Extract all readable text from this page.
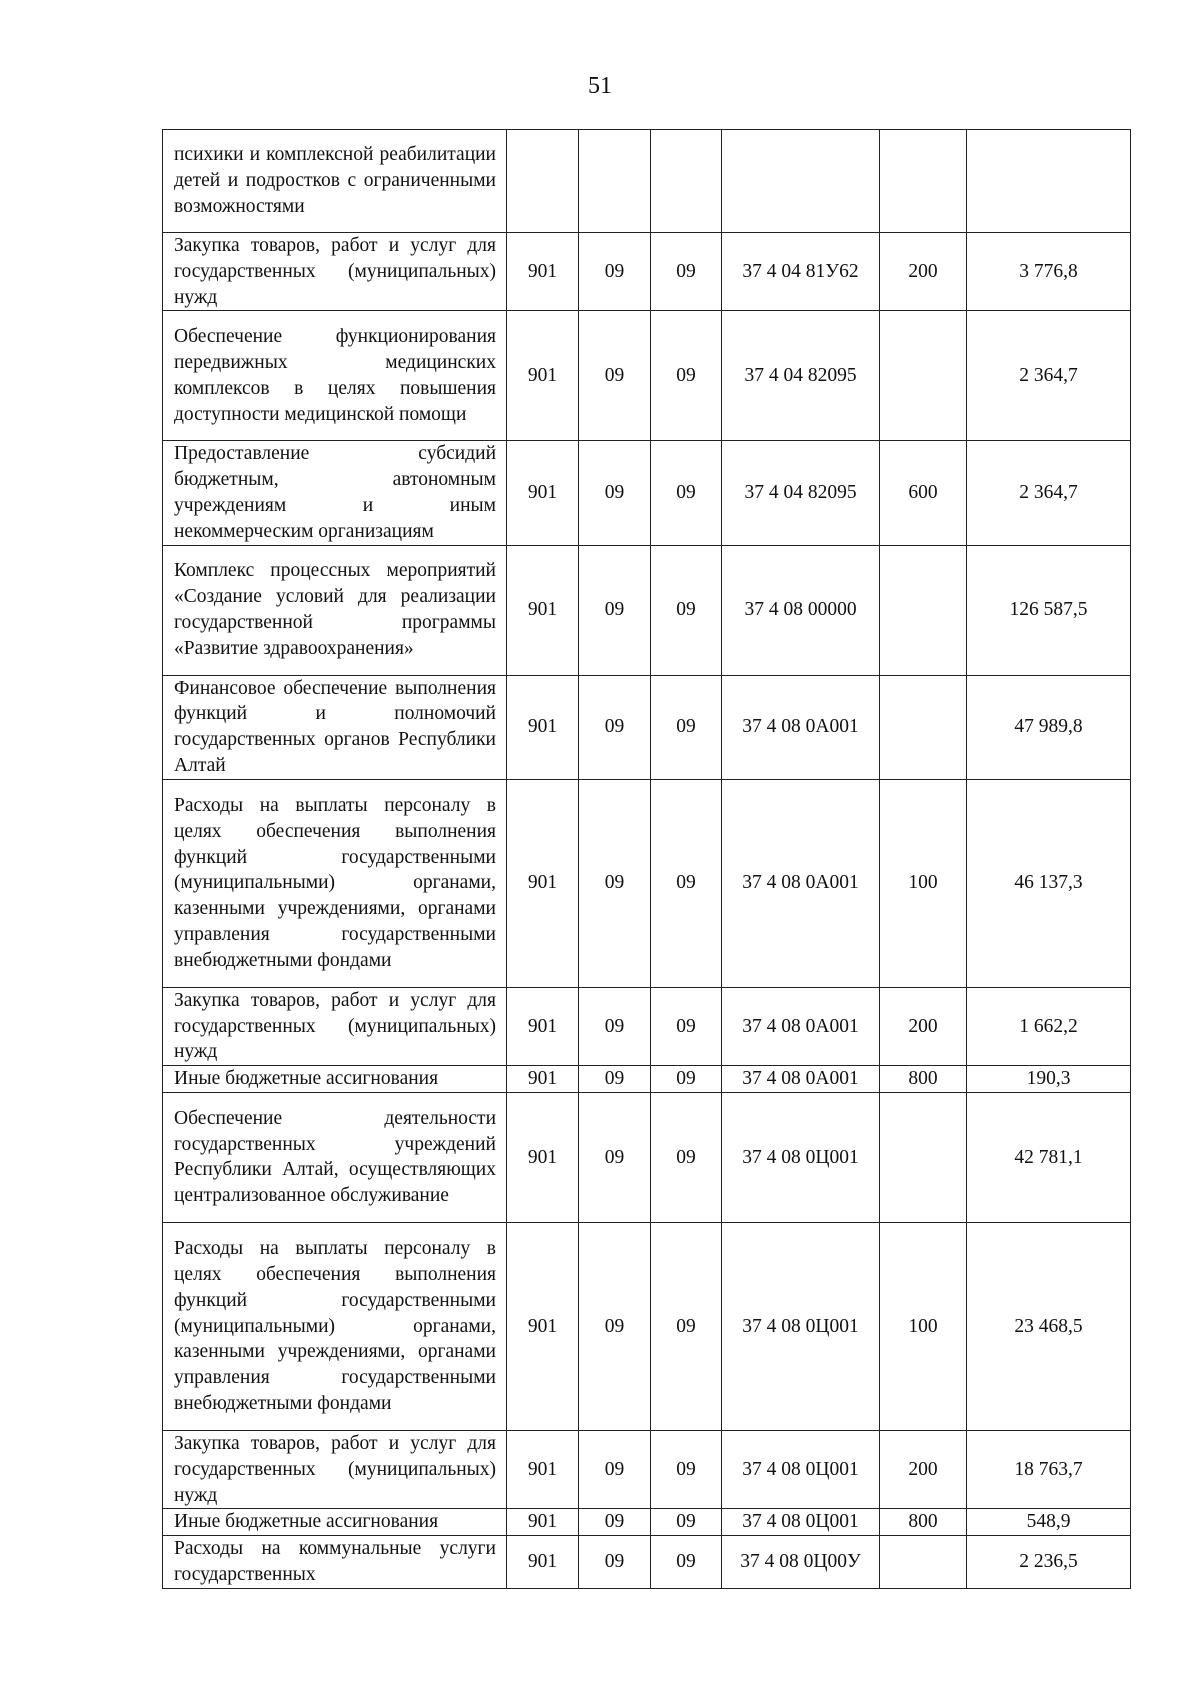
51
психики и комплексной реабилитации детей и подростков с ограниченными возможностями						
Закупка товаров, работ и услуг для государственных (муниципальных) нужд	901	09	09	37 4 04 81У62	200	3 776,8
Обеспечение функционирования передвижных медицинских комплексов в целях повышения доступности медицинской помощи	901	09	09	37 4 04 82095		2 364,7
Предоставление субсидий бюджетным, автономным учреждениям и иным некоммерческим организациям	901	09	09	37 4 04 82095	600	2 364,7
Комплекс процессных мероприятий «Создание условий для реализации государственной программы «Развитие здравоохранения»	901	09	09	37 4 08 00000		126 587,5
Финансовое обеспечение выполнения функций и полномочий государственных органов Республики Алтай	901	09	09	37 4 08 0А001		47 989,8
Расходы на выплаты персоналу в целях обеспечения выполнения функций государственными (муниципальными) органами, казенными учреждениями, органами управления государственными внебюджетными фондами	901	09	09	37 4 08 0А001	100	46 137,3
Закупка товаров, работ и услуг для государственных (муниципальных) нужд	901	09	09	37 4 08 0А001	200	1 662,2
Иные бюджетные ассигнования	901	09	09	37 4 08 0А001	800	190,3
Обеспечение деятельности государственных учреждений Республики Алтай, осуществляющих централизованное обслуживание	901	09	09	37 4 08 0Ц001		42 781,1
Расходы на выплаты персоналу в целях обеспечения выполнения функций государственными (муниципальными) органами, казенными учреждениями, органами управления государственными внебюджетными фондами	901	09	09	37 4 08 0Ц001	100	23 468,5
Закупка товаров, работ и услуг для государственных (муниципальных) нужд	901	09	09	37 4 08 0Ц001	200	18 763,7
Иные бюджетные ассигнования	901	09	09	37 4 08 0Ц001	800	548,9
Расходы на коммунальные услуги государственных	901	09	09	37 4 08 0Ц00У		2 236,5
